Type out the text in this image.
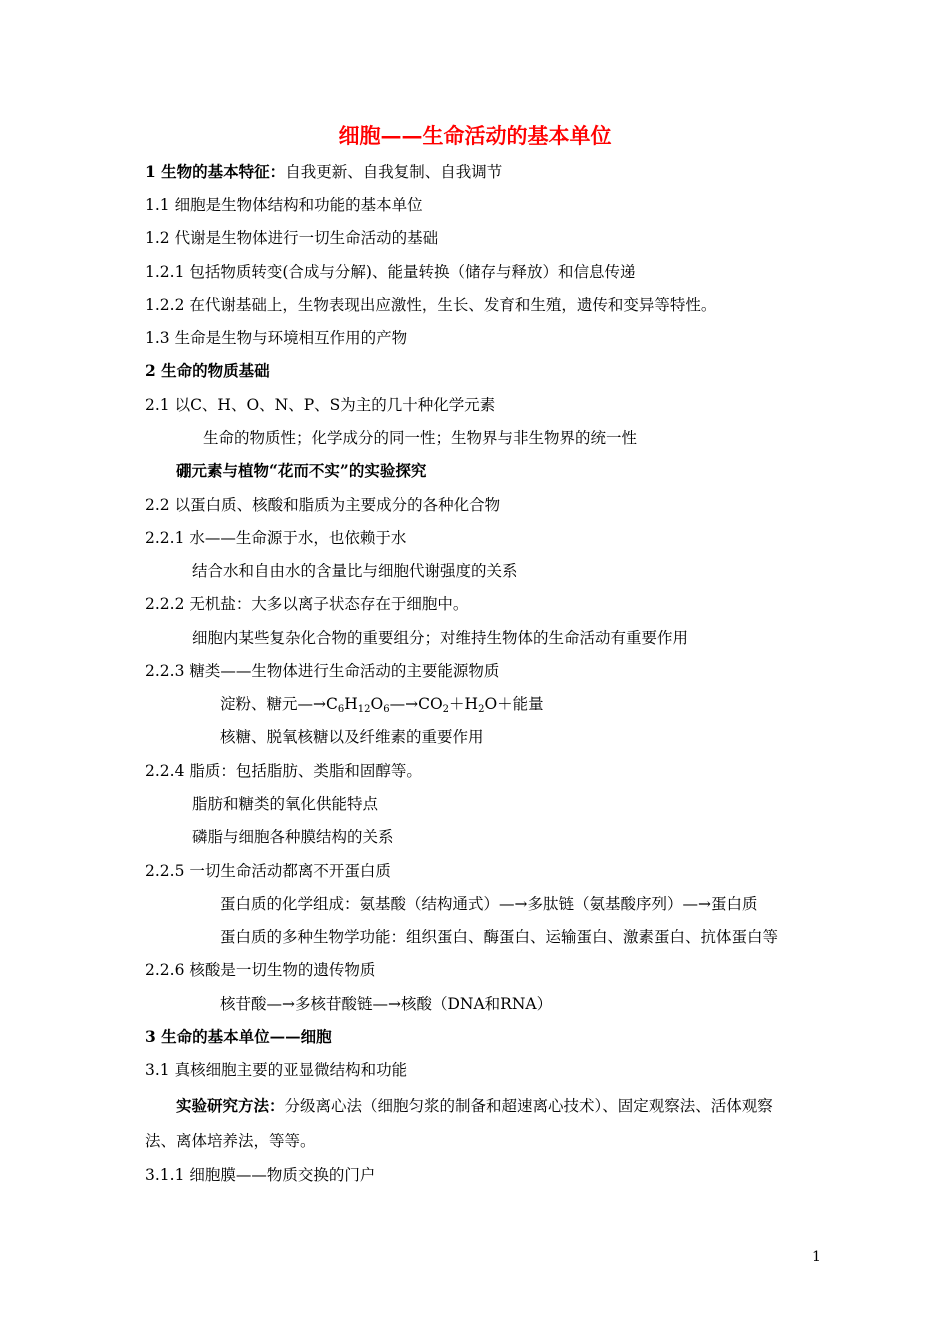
细胞——生命活动的基本单位
1 生物的基本特征：自我更新、自我复制、自我调节
1.1 细胞是生物体结构和功能的基本单位
1.2 代谢是生物体进行一切生命活动的基础
1.2.1 包括物质转变(合成与分解)、能量转换（储存与释放）和信息传递
1.2.2 在代谢基础上，生物表现出应激性，生长、发育和生殖，遗传和变异等特性。
1.3 生命是生物与环境相互作用的产物
2 生命的物质基础
2.1 以C、H、O、N、P、S为主的几十种化学元素
生命的物质性；化学成分的同一性；生物界与非生物界的统一性
硼元素与植物“花而不实”的实验探究
2.2 以蛋白质、核酸和脂质为主要成分的各种化合物
2.2.1 水——生命源于水，也依赖于水
结合水和自由水的含量比与细胞代谢强度的关系
2.2.2 无机盐：大多以离子状态存在于细胞中。
细胞内某些复杂化合物的重要组分；对维持生物体的生命活动有重要作用
2.2.3 糖类——生物体进行生命活动的主要能源物质
淀粉、糖元$—\to C_6H_{12}O_6—\to CO_2+H_2O+$能量
核糖、脱氧核糖以及纤维素的重要作用
2.2.4 脂质：包括脂肪、类脂和固醇等。
脂肪和糖类的氧化供能特点
磷脂与细胞各种膜结构的关系
2.2.5 一切生命活动都离不开蛋白质
蛋白质的化学组成：氨基酸（结构通式）—→多肽链（氨基酸序列）—→蛋白质
蛋白质的多种生物学功能：组织蛋白、酶蛋白、运输蛋白、激素蛋白、抗体蛋白等
2.2.6 核酸是一切生物的遗传物质
核苷酸—→多核苷酸链—→核酸（DNA和RNA）
3 生命的基本单位——细胞
3.1 真核细胞主要的亚显微结构和功能
实验研究方法：分级离心法（细胞匀浆的制备和超速离心技术）、固定观察法、活体观察
法、离体培养法，等等。
3.1.1 细胞膜——物质交换的门户
1
